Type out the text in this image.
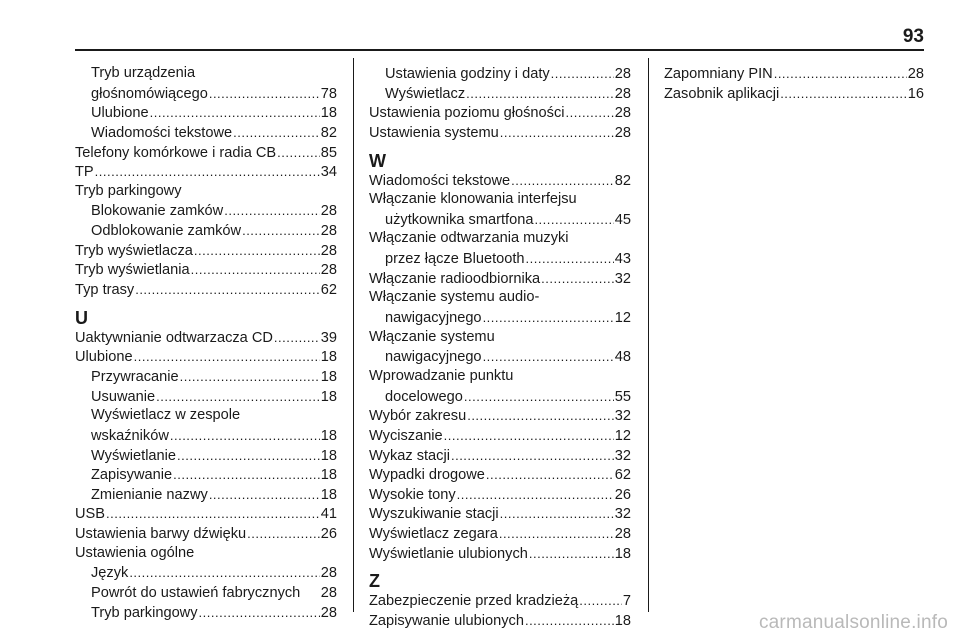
93
Tryb urządzenia
głośnomówiącego .....	78
Ulubione .....	18
Wiadomości tekstowe .....	82
Telefony komórkowe i radia CB .....	85
TP .....	34
Tryb parkingowy
Blokowanie zamków .....	28
Odblokowanie zamków .....	28
Tryb wyświetlacza .....	28
Tryb wyświetlania .....	28
Typ trasy .....	62
U
Uaktywnianie odtwarzacza CD .....	39
Ulubione .....	18
Przywracanie .....	18
Usuwanie .....	18
Wyświetlacz w zespole
wskaźników .....	18
Wyświetlanie .....	18
Zapisywanie .....	18
Zmienianie nazwy .....	18
USB .....	41
Ustawienia barwy dźwięku .....	26
Ustawienia ogólne
Język .....	28
Powrót do ustawień fabrycznych 28
Tryb parkingowy .....	28
Ustawienia godziny i daty .....	28
Wyświetlacz .....	28
Ustawienia poziomu głośności .....	28
Ustawienia systemu .....	28
W
Wiadomości tekstowe .....	82
Włączanie klonowania interfejsu
użytkownika smartfona .....	45
Włączanie odtwarzania muzyki
przez łącze Bluetooth .....	43
Włączanie radioodbiornika .....	32
Włączanie systemu audio-
nawigacyjnego .....	12
Włączanie systemu
nawigacyjnego .....	48
Wprowadzanie punktu
docelowego .....	55
Wybór zakresu .....	32
Wyciszanie .....	12
Wykaz stacji .....	32
Wypadki drogowe .....	62
Wysokie tony .....	26
Wyszukiwanie stacji .....	32
Wyświetlacz zegara .....	28
Wyświetlanie ulubionych .....	18
Z
Zabezpieczenie przed kradzieżą .....	7
Zapisywanie ulubionych .....	18
Zapomniany PIN .....	28
Zasobnik aplikacji .....	16
carmanualsonline.info
